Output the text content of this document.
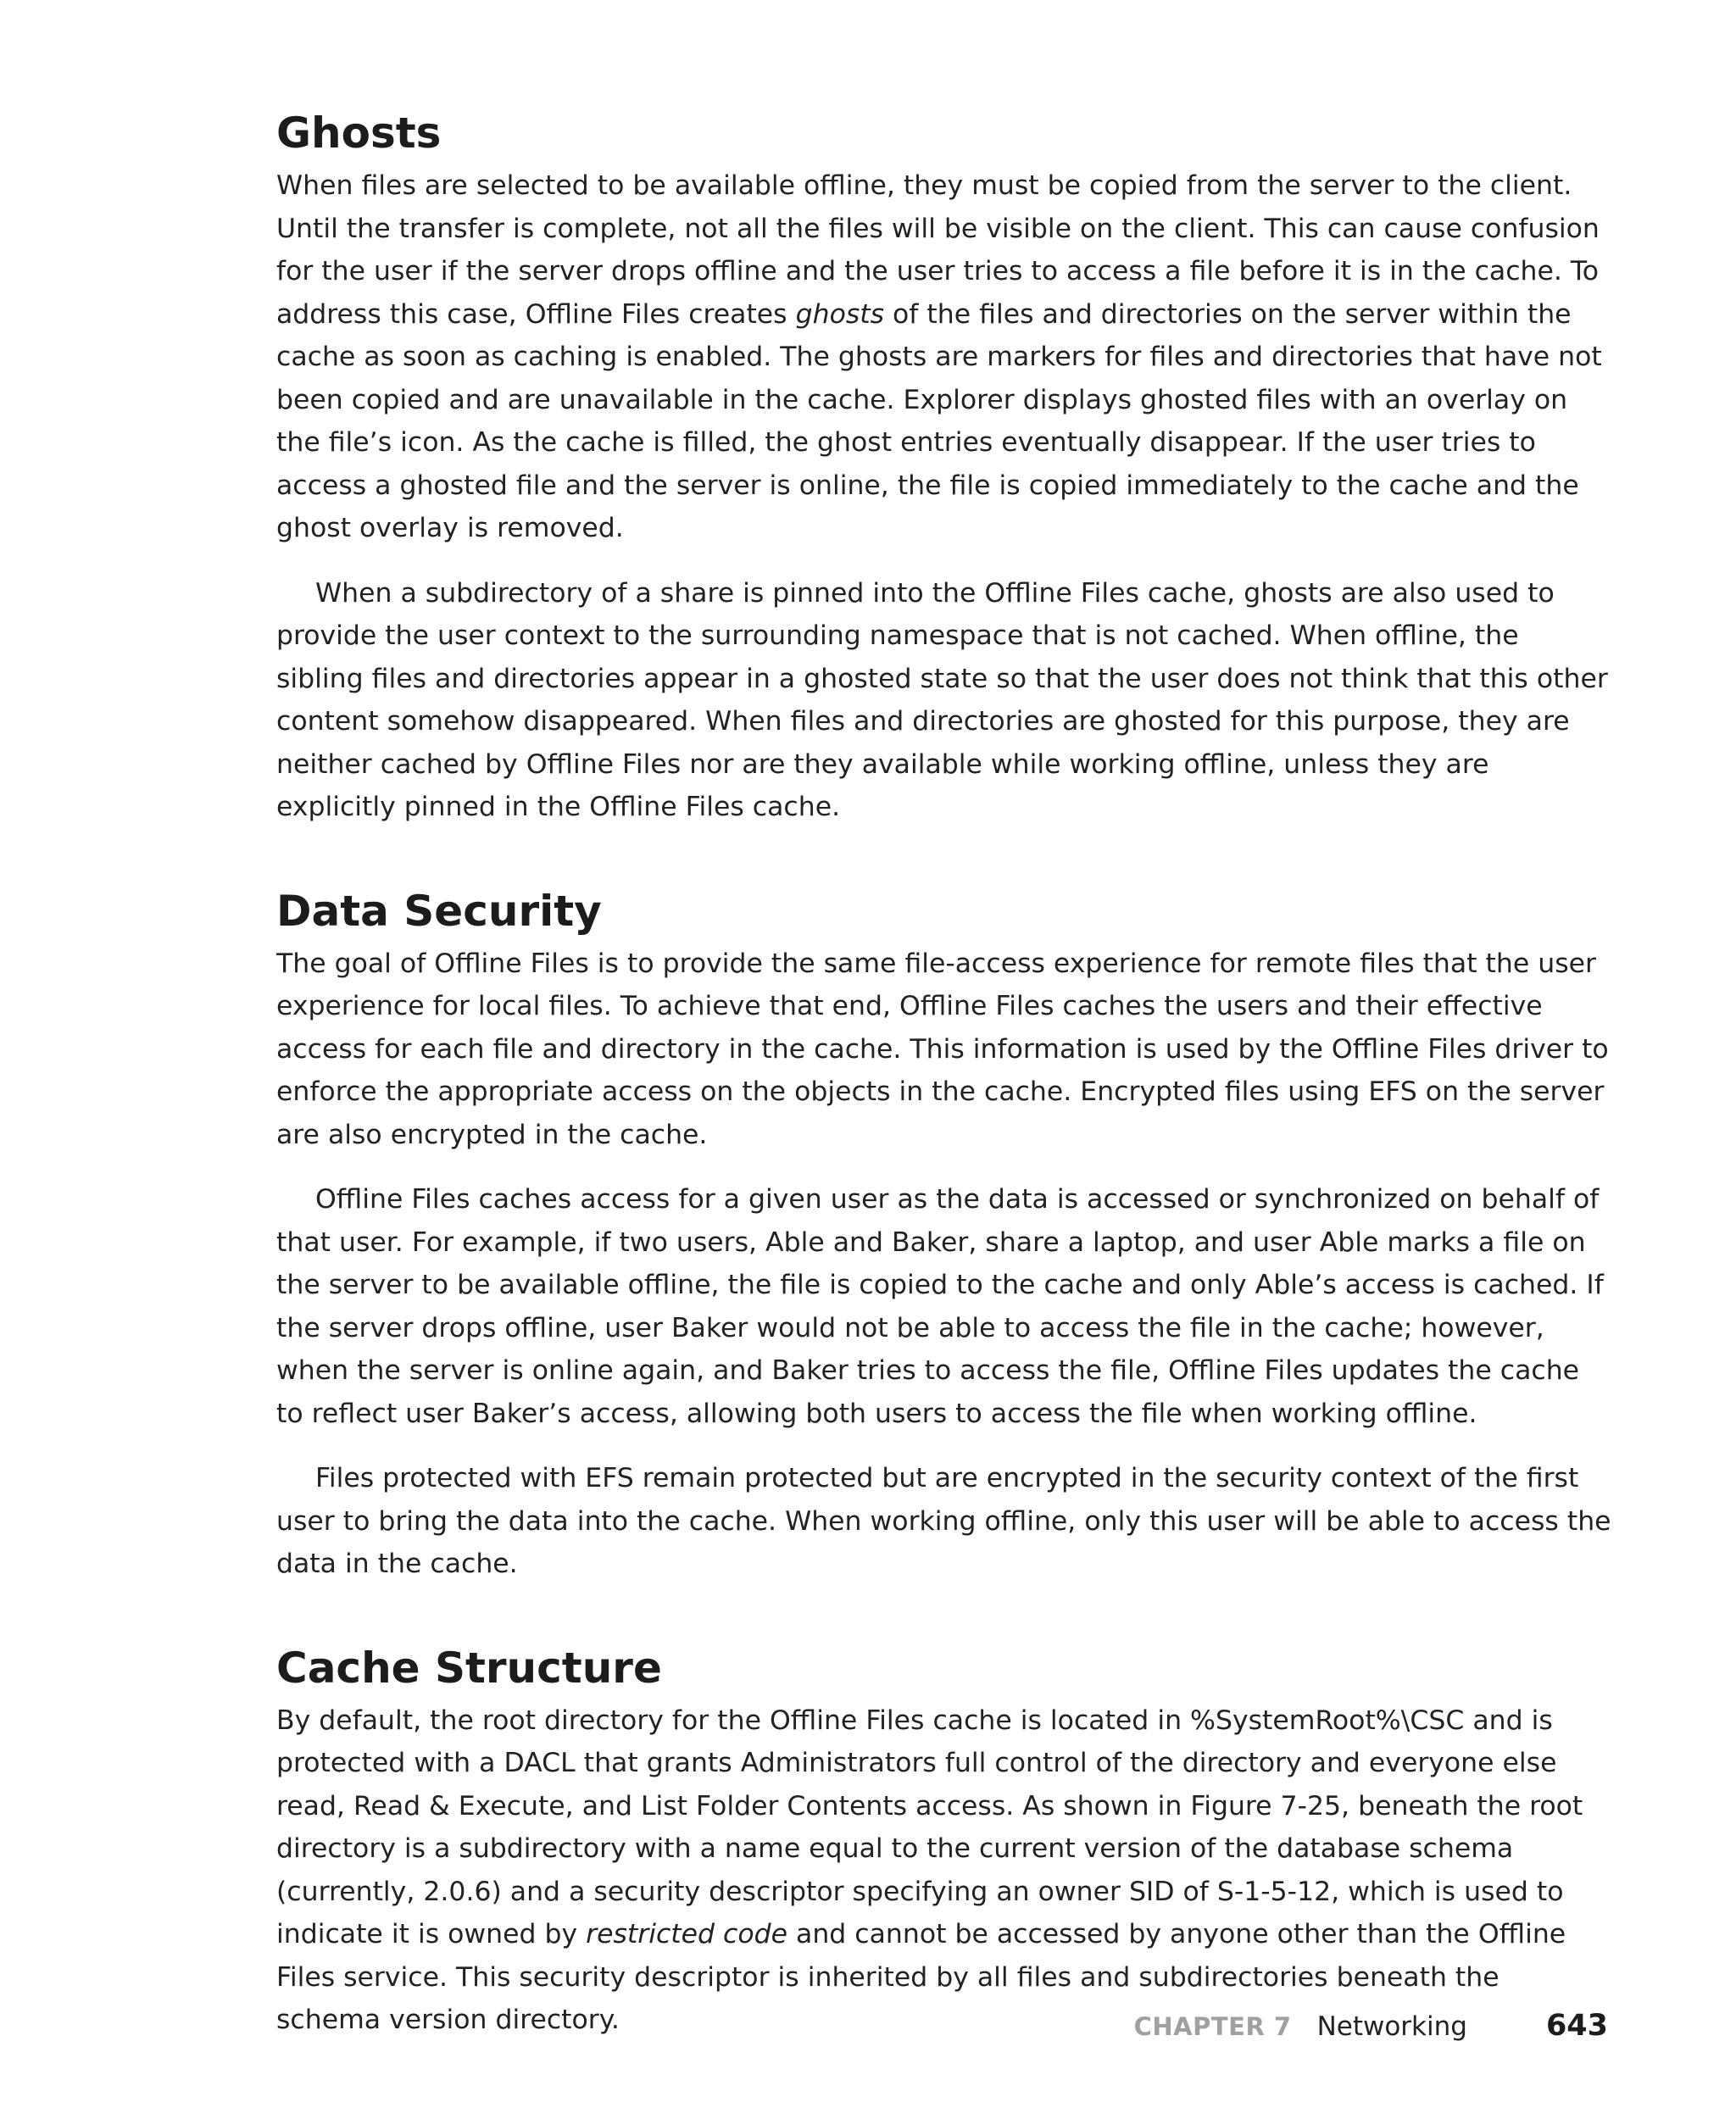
Ghosts

When files are selected to be available offline, they must be copied from the server to the client. Until the transfer is complete, not all the files will be visible on the client. This can cause confusion for the user if the server drops offline and the user tries to access a file before it is in the cache. To address this case, Offline Files creates ghosts of the files and directories on the server within the cache as soon as caching is enabled. The ghosts are markers for files and directories that have not been copied and are unavailable in the cache. Explorer displays ghosted files with an overlay on the file’s icon. As the cache is filled, the ghost entries eventually disappear. If the user tries to access a ghosted file and the server is online, the file is copied immediately to the cache and the ghost overlay is removed.

When a subdirectory of a share is pinned into the Offline Files cache, ghosts are also used to provide the user context to the surrounding namespace that is not cached. When offline, the sibling files and directories appear in a ghosted state so that the user does not think that this other content somehow disappeared. When files and directories are ghosted for this purpose, they are neither cached by Offline Files nor are they available while working offline, unless they are explicitly pinned in the Offline Files cache.

Data Security

The goal of Offline Files is to provide the same file-access experience for remote files that the user experience for local files. To achieve that end, Offline Files caches the users and their effective access for each file and directory in the cache. This information is used by the Offline Files driver to enforce the appropriate access on the objects in the cache. Encrypted files using EFS on the server are also encrypted in the cache.

Offline Files caches access for a given user as the data is accessed or synchronized on behalf of that user. For example, if two users, Able and Baker, share a laptop, and user Able marks a file on the server to be available offline, the file is copied to the cache and only Able’s access is cached. If the server drops offline, user Baker would not be able to access the file in the cache; however, when the server is online again, and Baker tries to access the file, Offline Files updates the cache to reflect user Baker’s access, allowing both users to access the file when working offline.

Files protected with EFS remain protected but are encrypted in the security context of the first user to bring the data into the cache. When working offline, only this user will be able to access the data in the cache.

Cache Structure

By default, the root directory for the Offline Files cache is located in %SystemRoot%\CSC and is protected with a DACL that grants Administrators full control of the directory and everyone else read, Read & Execute, and List Folder Contents access. As shown in Figure 7-25, beneath the root directory is a subdirectory with a name equal to the current version of the database schema (currently, 2.0.6) and a security descriptor specifying an owner SID of S-1-5-12, which is used to indicate it is owned by restricted code and cannot be accessed by anyone other than the Offline Files service. This security descriptor is inherited by all files and subdirectories beneath the schema version directory.	CHAPTER 7 Networking	643
